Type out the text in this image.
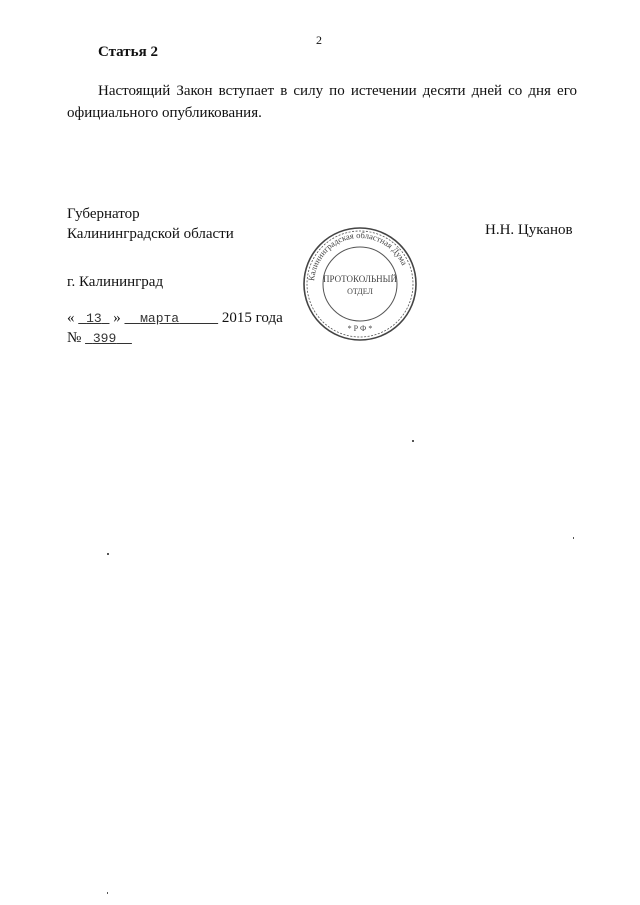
2
Статья 2
Настоящий Закон вступает в силу по истечении десяти дней со дня его официального опубликования.
Губернатор
Калининградской области	Н.Н. Цуканов
г. Калининград
« 13 » марта	2015 года
№ 399
Калининградская областная Дума
ПРОТОКОЛЬНЫЙ
ОТДЕЛ
* Р Ф *
